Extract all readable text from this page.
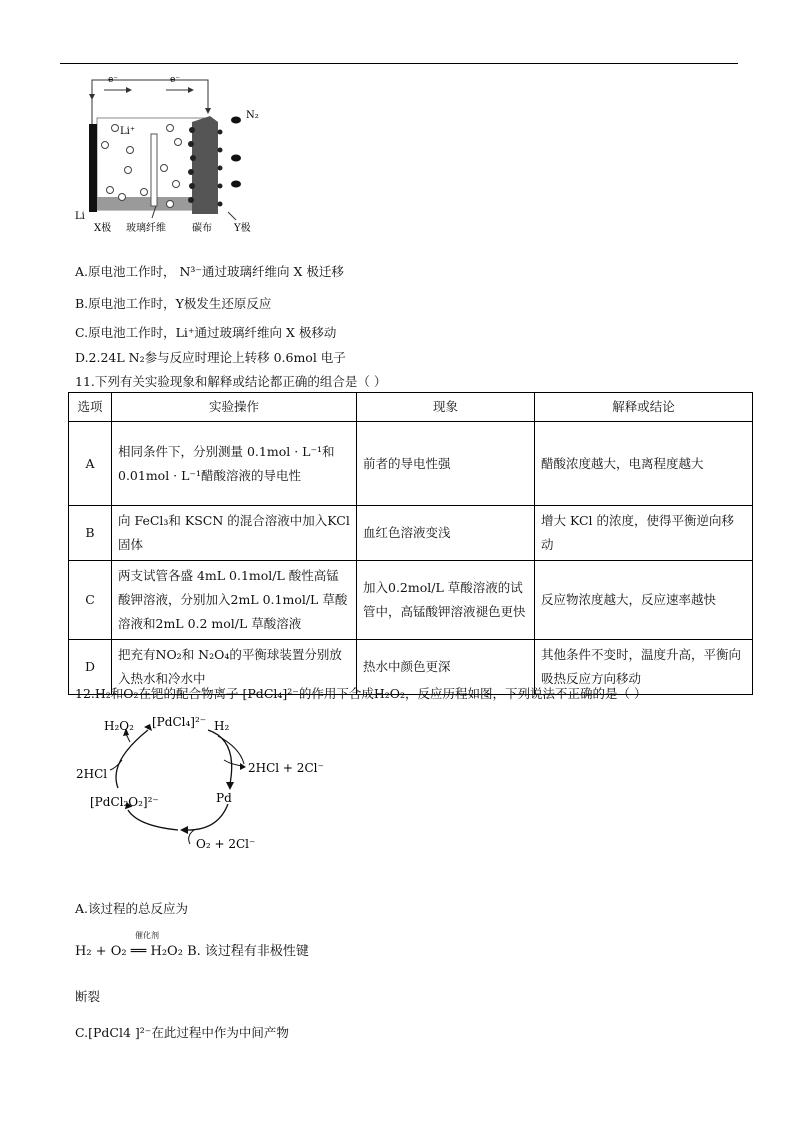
e⁻	e⁻
Li⁺
N₂
Li
X极 玻璃纤维	碳布 Y极
A.原电池工作时， N³⁻通过玻璃纤维向 X 极迁移
B.原电池工作时，Y极发生还原反应
C.原电池工作时，Li⁺通过玻璃纤维向 X 极移动
D.2.24L N₂参与反应时理论上转移 0.6mol 电子
11.下列有关实验现象和解释或结论都正确的组合是（ ）
选项	实验操作	现象	解释或结论
A	相同条件下，分别测量 0.1mol · L⁻¹和 0.01mol · L⁻¹醋酸溶液的导电性	前者的导电性强	醋酸浓度越大，电离程度越大
B	向 FeCl₃和 KSCN 的混合溶液中加入KCl固体	血红色溶液变浅	增大 KCl 的浓度，使得平衡逆向移动
C	两支试管各盛 4mL 0.1mol/L 酸性高锰酸钾溶液，分别加入2mL 0.1mol/L 草酸溶液和2mL 0.2 mol/L 草酸溶液	加入0.2mol/L 草酸溶液的试管中，高锰酸钾溶液褪色更快	反应物浓度越大，反应速率越快
D	把充有NO₂和 N₂O₄的平衡球装置分别放入热水和冷水中	热水中颜色更深	其他条件不变时，温度升高，平衡向吸热反应方向移动
12.H₂和O₂在钯的配合物离子 [PdCl₄]²⁻的作用下合成H₂O₂，反应历程如图，下列说法不正确的是（ ）
H₂O₂ [PdCl₄]²⁻ H₂
2HCl + 2Cl⁻
2HCl
Pd
[PdCl₂O₂]²⁻
O₂ + 2Cl⁻
A.该过程的总反应为
催化剂
H₂ + O₂ ══ H₂O₂ B. 该过程有非极性键
断裂
C.[PdCl4 ]²⁻在此过程中作为中间产物
